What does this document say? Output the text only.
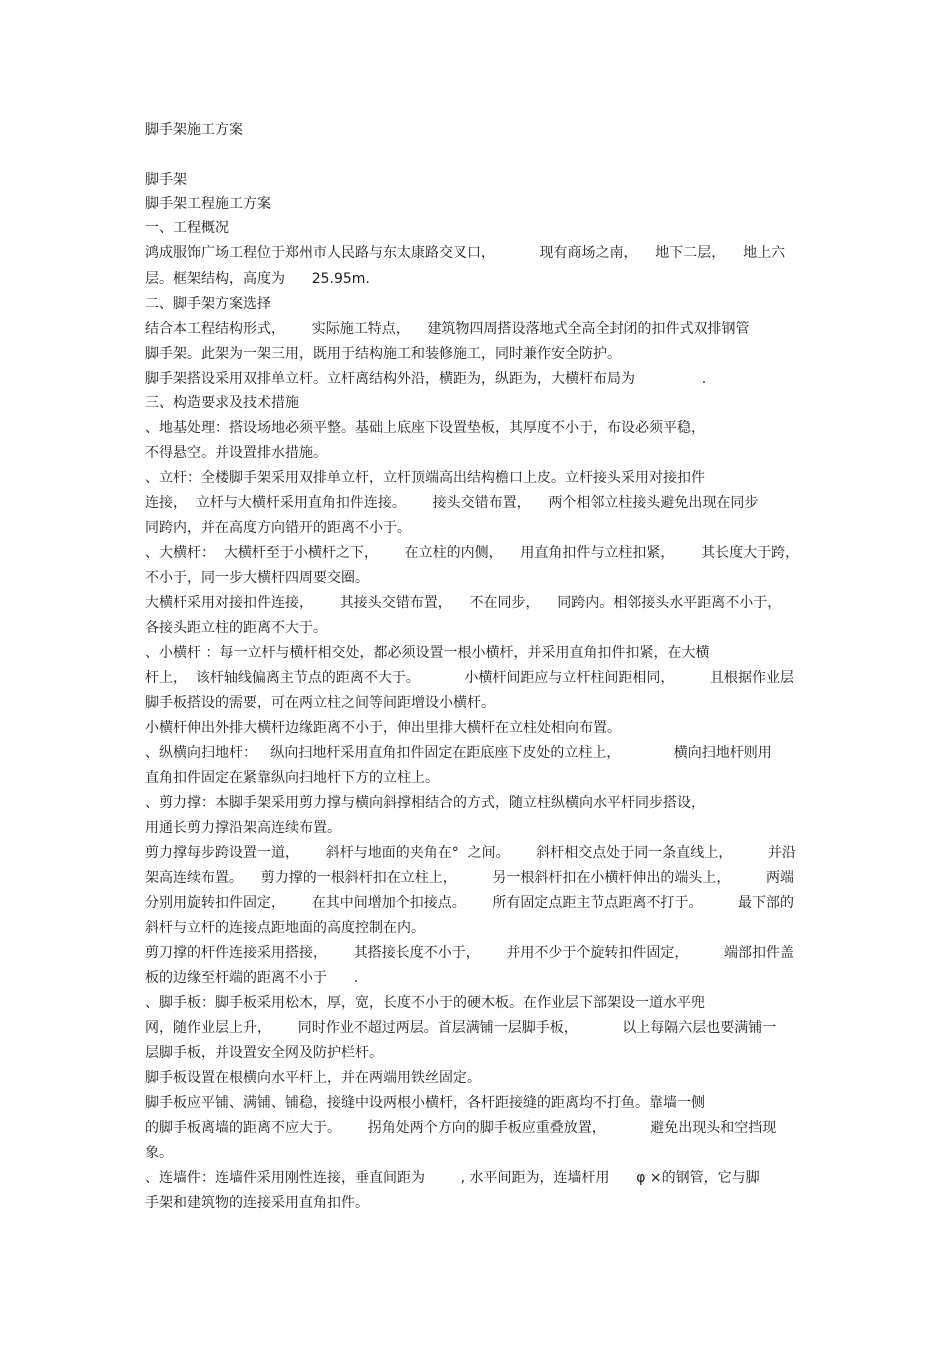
脚手架施工方案
脚手架
脚手架工程施工方案
一、工程概况
鸿成服饰广场工程位于郑州市人民路与东太康路交叉口，          现有商场之南，    地下二层，    地上六
层。框架结构，高度为      25.95m.
二、脚手架方案选择
结合本工程结构形式，      实际施工特点，    建筑物四周搭设落地式全高全封闭的扣件式双排钢管
脚手架。此架为一架三用，既用于结构施工和装修施工，同时兼作安全防护。
脚手架搭设采用双排单立杆。立杆离结构外沿，横距为，纵距为，大横杆布局为               .
三、构造要求及技术措施
、地基处理：搭设场地必须平整。基础上底座下设置垫板，其厚度不小于，布设必须平稳，
不得悬空。并设置排水措施。
、立杆：全楼脚手架采用双排单立杆，立杆顶端高出结构檐口上皮。立杆接头采用对接扣件
连接，  立杆与大横杆采用直角扣件连接。      接头交错布置，    两个相邻立柱接头避免出现在同步
同跨内，并在高度方向错开的距离不小于。
、大横杆：  大横杆至于小横杆之下，      在立柱的内侧，    用直角扣件与立柱扣紧，      其长度大于跨，
不小于，同一步大横杆四周要交圈。
大横杆采用对接扣件连接，      其接头交错布置，    不在同步，    同跨内。相邻接头水平距离不小于，
各接头距立柱的距离不大于。
、小横杆 ：每一立杆与横杆相交处，都必须设置一根小横杆，并采用直角扣件扣紧，在大横
杆上，  该杆轴线偏离主节点的距离不大于。          小横杆间距应与立杆柱间距相同，        且根据作业层
脚手板搭设的需要，可在两立柱之间等间距增设小横杆。
小横杆伸出外排大横杆边缘距离不小于，伸出里排大横杆在立柱处相向布置。
、纵横向扫地杆：   纵向扫地杆采用直角扣件固定在距底座下皮处的立柱上，            横向扫地杆则用
直角扣件固定在紧靠纵向扫地杆下方的立柱上。
、剪力撑：本脚手架采用剪力撑与横向斜撑相结合的方式，随立柱纵横向水平杆同步搭设，
用通长剪力撑沿架高连续布置。
剪力撑每步跨设置一道，      斜杆与地面的夹角在°  之间。      斜杆相交点处于同一条直线上，        并沿
架高连续布置。    剪力撑的一根斜杆扣在立柱上，        另一根斜杆扣在小横杆伸出的端头上，        两端
分别用旋转扣件固定，      在其中间增加个扣接点。      所有固定点距主节点距离不打于。        最下部的
斜杆与立杆的连接点距地面的高度控制在内。
剪刀撑的杆件连接采用搭接，      其搭接长度不小于，      并用不少于个旋转扣件固定，        端部扣件盖
板的边缘至杆端的距离不小于      .
、脚手板：脚手板采用松木，厚，宽，长度不小于的硬木板。在作业层下部架设一道水平兜
网，随作业层上升，      同时作业不超过两层。首层满铺一层脚手板，          以上每隔六层也要满铺一
层脚手板，并设置安全网及防护栏杆。
脚手板设置在根横向水平杆上，并在两端用铁丝固定。
脚手板应平铺、满铺、铺稳，接缝中设两根小横杆，各杆距接缝的距离均不打鱼。靠墙一侧
的脚手板离墙的距离不应大于。      拐角处两个方向的脚手板应重叠放置，          避免出现头和空挡现
象。
、连墙件：连墙件采用刚性连接，垂直间距为        , 水平间距为，连墙杆用      φ ×的钢管，它与脚
手架和建筑物的连接采用直角扣件。
